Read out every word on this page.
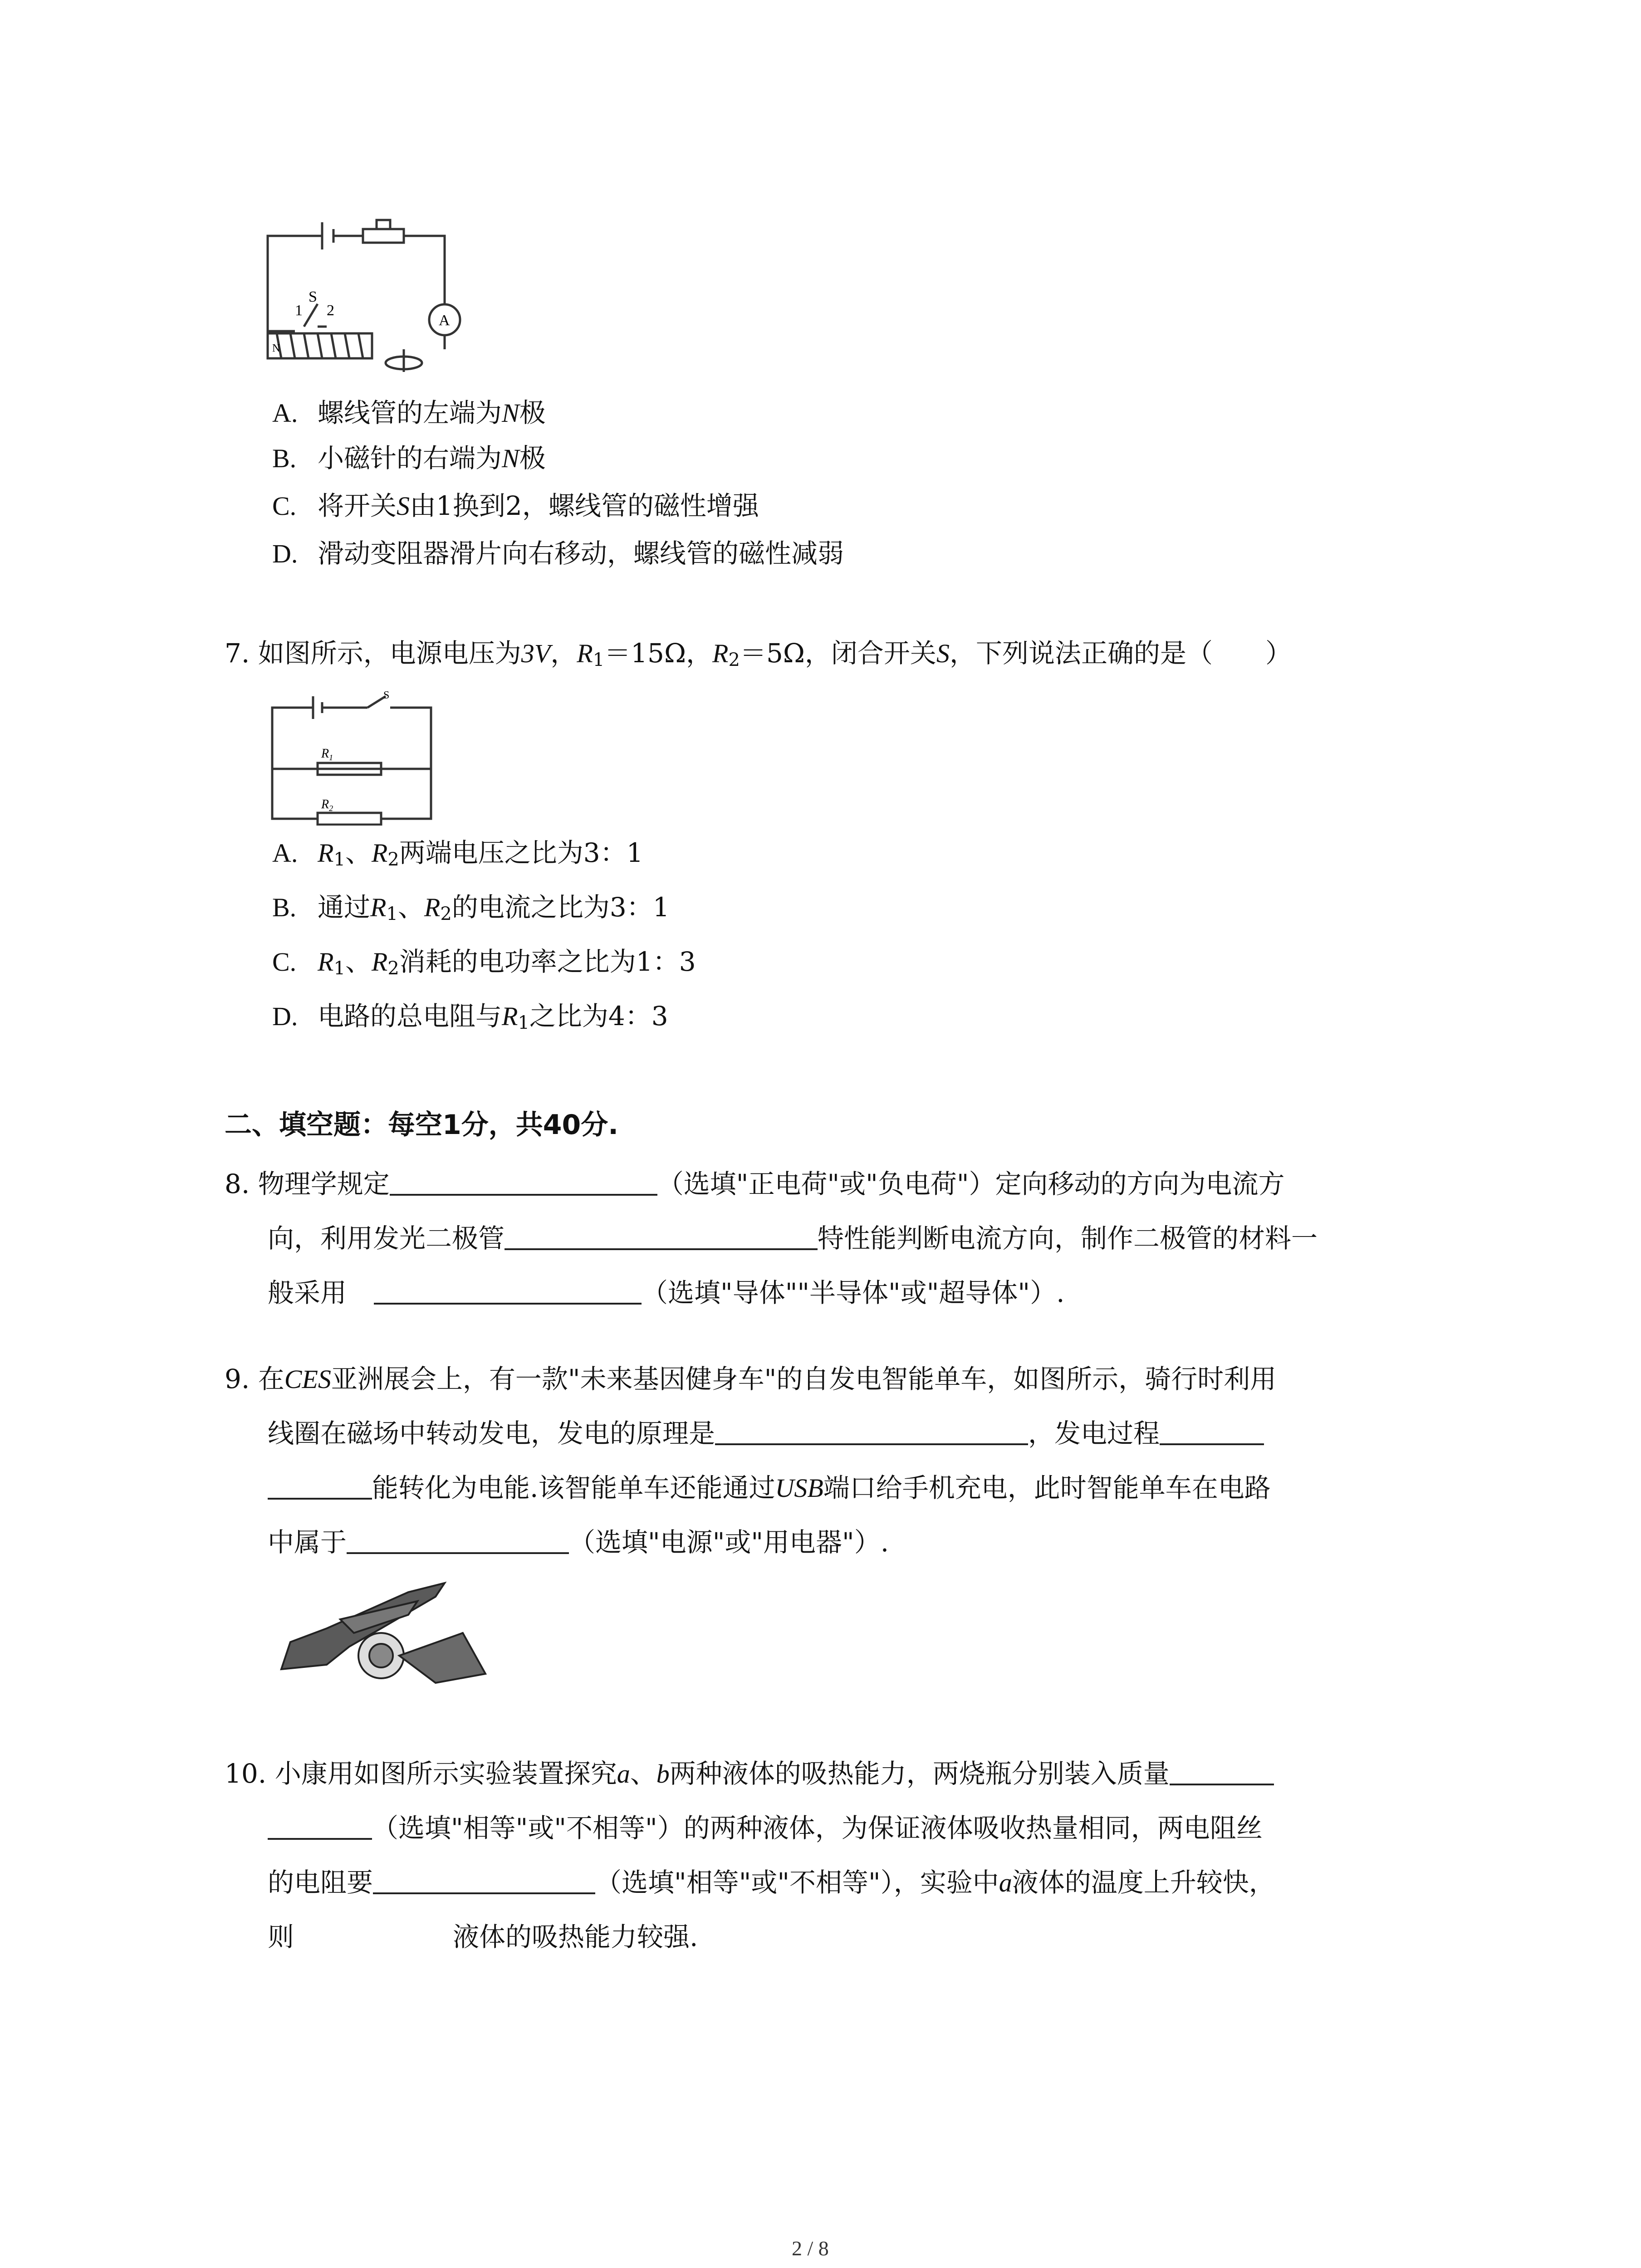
1
S
2
A
N
A. 螺线管的左端为N极
B. 小磁针的右端为N极
C. 将开关S由1换到2，螺线管的磁性增强
D. 滑动变阻器滑片向右移动，螺线管的磁性减弱
7. 如图所示，电源电压为3V，$R_1=15\Omega$，$R_2=5\Omega$，闭合开关S，下列说法正确的是（　　）
S
$R_1$
$R_2$
A. $R_1$、$R_2$两端电压之比为3：1
B. 通过$R_1$、$R_2$的电流之比为3：1
C. $R_1$、$R_2$消耗的电功率之比为1：3
D. 电路的总电阻与$R_1$之比为4：3
二、填空题：每空1分，共40分.
8. 物理学规定	（选填"正电荷"或"负电荷"）定向移动的方向为电流方
向，利用发光二极管	特性能判断电流方向，制作二极管的材料一
般采用	（选填"导体""半导体"或"超导体"）.
9. 在CES亚洲展会上，有一款"未来基因健身车"的自发电智能单车，如图所示，骑行时利用
线圈在磁场中转动发电，发电的原理是	，发电过程
能转化为电能.该智能单车还能通过USB端口给手机充电，此时智能单车在电路
中属于	（选填"电源"或"用电器"）.
10. 小康用如图所示实验装置探究a、b两种液体的吸热能力，两烧瓶分别装入质量
（选填"相等"或"不相等"）的两种液体，为保证液体吸收热量相同，两电阻丝
的电阻要	（选填"相等"或"不相等"），实验中a液体的温度上升较快，
则	液体的吸热能力较强.
2 / 8
